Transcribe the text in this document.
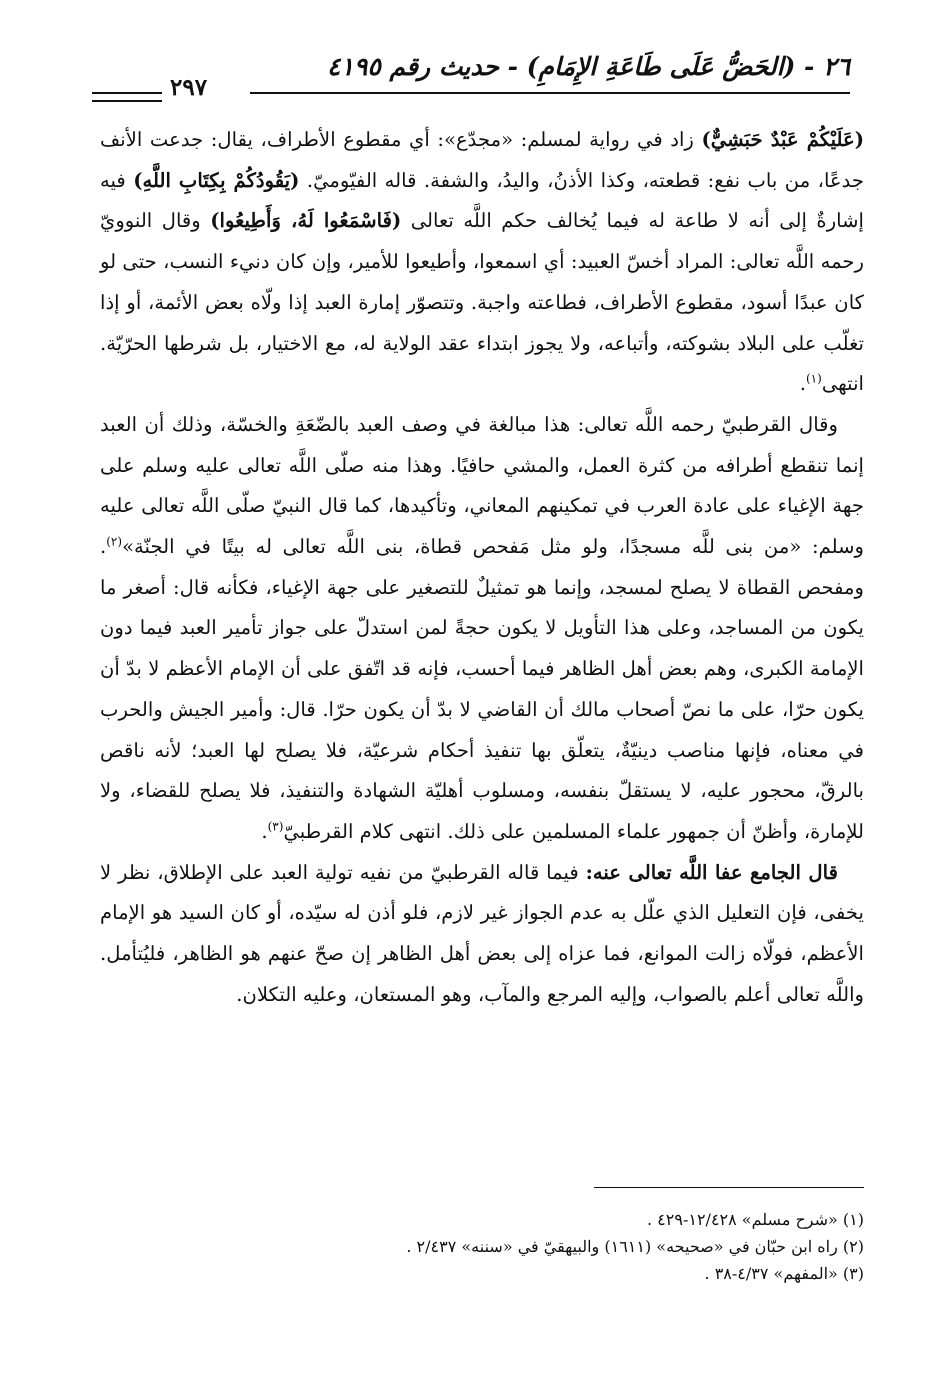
٢٦ - (الحَضُّ عَلَى طَاعَةِ الإِمَامِ) - حديث رقم ٤١٩٥
٢٩٧

(عَلَيْكُمْ عَبْدٌ حَبَشِيٌّ) زاد في رواية لمسلم: «مجدّع»: أي مقطوع الأطراف، يقال: جدعت الأنف جدعًا، من باب نفع: قطعته، وكذا الأذنُ، واليدُ، والشفة. قاله الفيّوميّ. (يَقُودُكُمْ بِكِتَابِ اللَّهِ) فيه إشارةٌ إلى أنه لا طاعة له فيما يُخالف حكم اللَّه تعالى (فَاسْمَعُوا لَهُ، وَأَطِيعُوا) وقال النوويّ رحمه اللَّه تعالى: المراد أخسّ العبيد: أي اسمعوا، وأطيعوا للأمير، وإن كان دنيء النسب، حتى لو كان عبدًا أسود، مقطوع الأطراف، فطاعته واجبة. وتتصوّر إمارة العبد إذا ولّاه بعض الأئمة، أو إذا تغلّب على البلاد بشوكته، وأتباعه، ولا يجوز ابتداء عقد الولاية له، مع الاختيار، بل شرطها الحرّيّة. انتهى$^{(١)}$.

وقال القرطبيّ رحمه اللَّه تعالى: هذا مبالغة في وصف العبد بالضّعَةِ والخسّة، وذلك أن العبد إنما تنقطع أطرافه من كثرة العمل، والمشي حافيًا. وهذا منه صلّى اللَّه تعالى عليه وسلم على جهة الإغياء على عادة العرب في تمكينهم المعاني، وتأكيدها، كما قال النبيّ صلّى اللَّه تعالى عليه وسلم: «من بنى للَّه مسجدًا، ولو مثل مَفحص قطاة، بنى اللَّه تعالى له بيتًا في الجنّة»$^{(٢)}$. ومفحص القطاة لا يصلح لمسجد، وإنما هو تمثيلٌ للتصغير على جهة الإغياء، فكأنه قال: أصغر ما يكون من المساجد، وعلى هذا التأويل لا يكون حجةً لمن استدلّ على جواز تأمير العبد فيما دون الإمامة الكبرى، وهم بعض أهل الظاهر فيما أحسب، فإنه قد اتّفق على أن الإمام الأعظم لا بدّ أن يكون حرّا، على ما نصّ أصحاب مالك أن القاضي لا بدّ أن يكون حرّا. قال: وأمير الجيش والحرب في معناه، فإنها مناصب دينيّةٌ، يتعلّق بها تنفيذ أحكام شرعيّة، فلا يصلح لها العبد؛ لأنه ناقص بالرقّ، محجور عليه، لا يستقلّ بنفسه، ومسلوب أهليّة الشهادة والتنفيذ، فلا يصلح للقضاء، ولا للإمارة، وأظنّ أن جمهور علماء المسلمين على ذلك. انتهى كلام القرطبيّ$^{(٣)}$.

قال الجامع عفا اللَّه تعالى عنه: فيما قاله القرطبيّ من نفيه تولية العبد على الإطلاق، نظر لا يخفى، فإن التعليل الذي علّل به عدم الجواز غير لازم، فلو أذن له سيّده، أو كان السيد هو الإمام الأعظم، فولّاه زالت الموانع، فما عزاه إلى بعض أهل الظاهر إن صحّ عنهم هو الظاهر، فليُتأمل. واللَّه تعالى أعلم بالصواب، وإليه المرجع والمآب، وهو المستعان، وعليه التكلان.

(١) «شرح مسلم» ١٢/٤٢٨-٤٢٩ .
(٢) راه ابن حبّان في «صحيحه» (١٦١١) والبيهقيّ في «سننه» ٢/٤٣٧ .
(٣) «المفهم» ٤/٣٧-٣٨ .
